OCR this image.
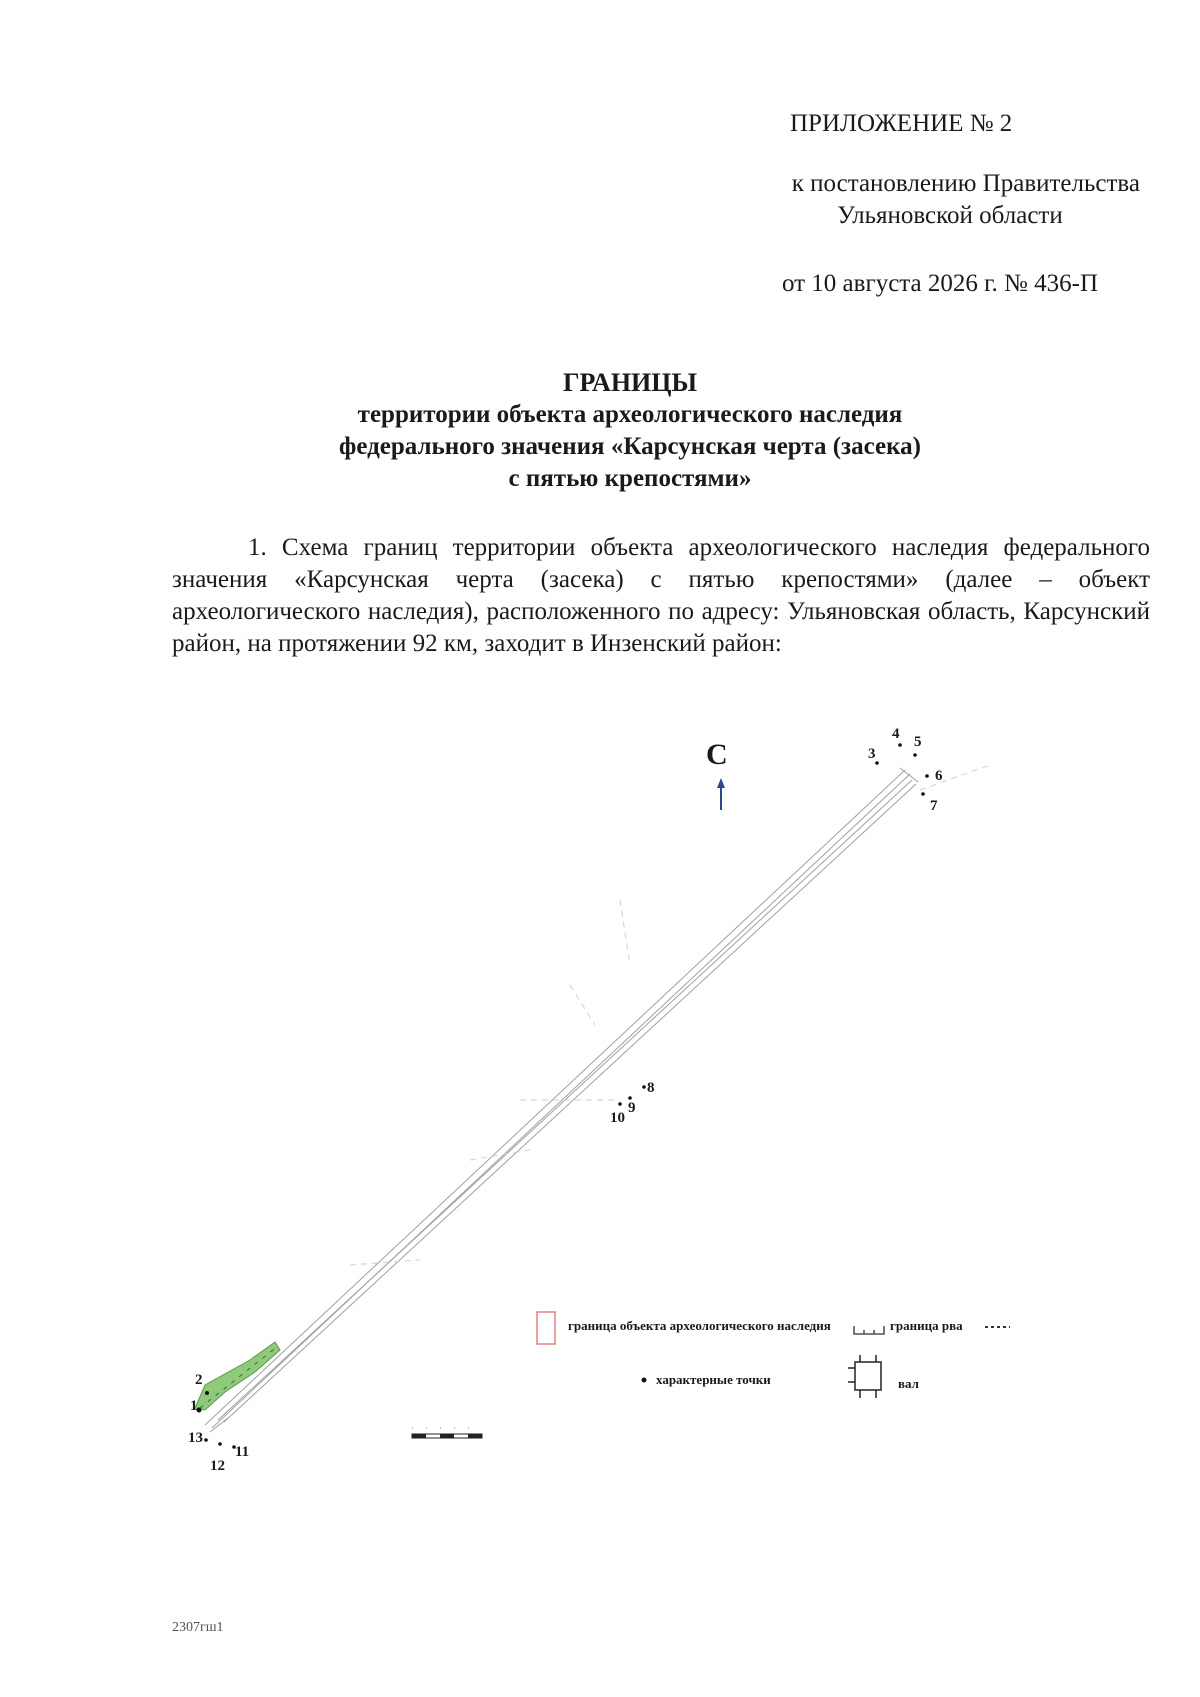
ПРИЛОЖЕНИЕ № 2
к постановлению Правительства
Ульяновской области
от 10 августа 2026 г. № 436-П
ГРАНИЦЫ
территории объекта археологического наследия
федерального значения «Карсунская черта (засека)
с пятью крепостями»
1. Схема границ территории объекта археологического наследия федерального значения «Карсунская черта (засека) с пятью крепостями» (далее – объект археологического наследия), расположенного по адресу: Ульяновская область, Карсунский район, на протяжении 92 км, заходит в Инзенский район:
С
1
2
3
4 5
6
7
8
9
10
11
12
13
граница объекта археологического наследия	граница рва
характерные точки	вал
2307гш1
